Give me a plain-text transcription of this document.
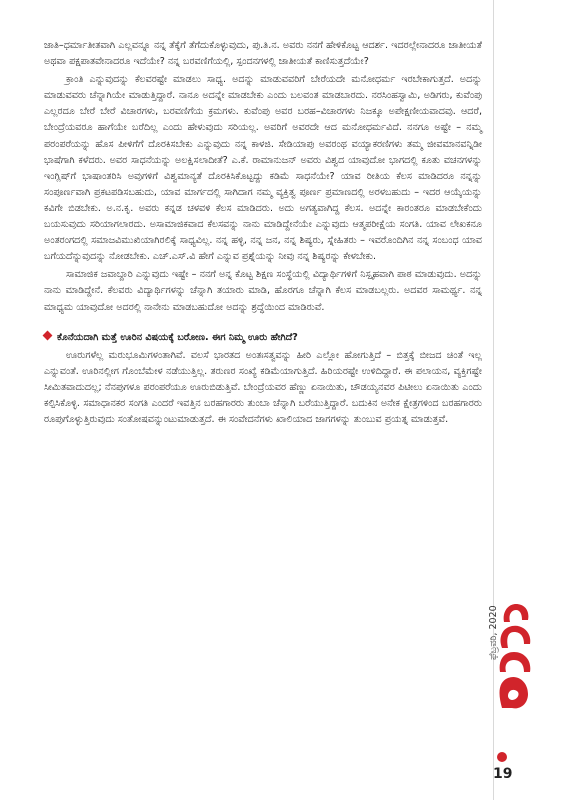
ಜಾತಿ–ಧರ್ಮಾತೀತವಾಗಿ ಎಲ್ಲವನ್ನೂ ನನ್ನ ತೆಕ್ಕೆಗೆ ತೆಗೆದುಕೊಳ್ಳುವುದು, ಪು.ತಿ.ನ. ಅವರು ನನಗೆ ಹೇಳಿಕೊಟ್ಟ ಆದರ್ಶ. ಇದರಲ್ಲೇನಾದರೂ ಜಾತೀಯತೆ ಅಥವಾ ಪಕ್ಷಪಾತವೇನಾದರೂ ಇದೆಯೇ? ನನ್ನ ಬರವಣಿಗೆಯಲ್ಲಿ, ಸ್ಪಂದನಗಳಲ್ಲಿ ಜಾತೀಯತೆ ಕಾಣಿಸುತ್ತದೆಯೇ?

ಕ್ರಾಂತಿ ಎನ್ನುವುದನ್ನು ಕೆಲವರಷ್ಟೇ ಮಾಡಲು ಸಾಧ್ಯ. ಅದನ್ನು ಮಾಡುವವರಿಗೆ ಬೇರೆಯದೇ ಮನೋಧರ್ಮ ಇರಬೇಕಾಗುತ್ತದೆ. ಅದನ್ನು ಮಾಡುವವರು ಚೆನ್ನಾಗಿಯೇ ಮಾಡುತ್ತಿದ್ದಾರೆ. ನಾನೂ ಅದನ್ನೇ ಮಾಡಬೇಕು ಎಂದು ಬಲವಂತ ಮಾಡಬಾರದು. ನರಸಿಂಹಸ್ವಾಮಿ, ಅಡಿಗರು, ಕುವೆಂಪು ಎಲ್ಲರದೂ ಬೇರೆ ಬೇರೆ ವಿಚಾರಗಳು, ಬರವಣಿಗೆಯ ಕ್ರಮಗಳು. ಕುವೆಂಪು ಅವರ ಬರಹ–ವಿಚಾರಗಳು ನಿಜಕ್ಕೂ ಅಪೇಕ್ಷಣೀಯವಾದವು. ಆದರೆ, ಬೇಂದ್ರೆಯವರೂ ಹಾಗೆಯೇ ಬರೆದಿಲ್ಲ ಎಂದು ಹೇಳುವುದು ಸರಿಯಲ್ಲ. ಅವರಿಗೆ ಅವರದೇ ಆದ ಮನೋಧರ್ಮವಿದೆ. ನನಗೂ ಅಷ್ಟೇ – ನಮ್ಮ ಪರಂಪರೆಯನ್ನು ಹೊಸ ಪೀಳಿಗೆಗೆ ದೊರಕಿಸಬೇಕು ಎನ್ನುವುದು ನನ್ನ ಕಾಳಜಿ. ಸೇಡಿಯಾಪು ಅವರಂಥ ವಯ್ಯಾಕರಣಿಗಳು ತಮ್ಮ ಜೀವಮಾನವನ್ನಿಡೀ ಭಾಷೆಗಾಗಿ ಕಳೆದರು. ಅವರ ಸಾಧನೆಯನ್ನು ಅಲಕ್ಷಿಸಲಾದೀತೆ? ಎ.ಕೆ. ರಾಮಾನುಜನ್ ಅವರು ವಿಶ್ವದ ಯಾವುದೋ ಭಾಗದಲ್ಲಿ ಕೂತು ವಚನಗಳನ್ನು ಇಂಗ್ಲಿಷ್‌ಗೆ ಭಾಷಾಂತರಿಸಿ ಅವುಗಳಿಗೆ ವಿಶ್ವಮಾನ್ಯತೆ ದೊರಕಿಸಿಕೊಟ್ಟದ್ದು ಕಡಿಮೆ ಸಾಧನೆಯೇ? ಯಾವ ರೀತಿಯ ಕೆಲಸ ಮಾಡಿದರೂ ನನ್ನನ್ನು ಸಂಪೂರ್ಣವಾಗಿ ಪ್ರಕಟಪಡಿಸಬಹುದು, ಯಾವ ಮಾರ್ಗದಲ್ಲಿ ಸಾಗಿದಾಗ ನಮ್ಮ ವ್ಯಕ್ತಿತ್ವ ಪೂರ್ಣ ಪ್ರಮಾಣದಲ್ಲಿ ಅರಳಬಹುದು – ಇದರ ಆಯ್ಕೆಯನ್ನು ಕವಿಗೇ ಬಿಡಬೇಕು. ಅ.ನ.ಕೃ. ಅವರು ಕನ್ನಡ ಚಳವಳಿ ಕೆಲಸ ಮಾಡಿದರು. ಅದು ಅಗತ್ಯವಾಗಿದ್ದ ಕೆಲಸ. ಅದನ್ನೇ ಕಾರಂತರೂ ಮಾಡಬೇಕೆಂದು ಬಯಸುವುದು ಸರಿಯಾಗಲಾರದು. ಅಸಾಮಾಜಿಕವಾದ ಕೆಲಸವನ್ನು ನಾನು ಮಾಡಿದ್ದೇನೆಯೇ ಎನ್ನುವುದು ಆತ್ಮಪರೀಕ್ಷೆಯ ಸಂಗತಿ. ಯಾವ ಲೇಖಕನೂ ಅಂತರಂಗದಲ್ಲಿ ಸಮಾಜವಿಮುಖಿಯಾಗಿರಲಿಕ್ಕೆ ಸಾಧ್ಯವಿಲ್ಲ. ನನ್ನ ಹಳ್ಳಿ, ನನ್ನ ಜನ, ನನ್ನ ಶಿಷ್ಯರು, ಸ್ನೇಹಿತರು – ಇವರೊಂದಿಗಿನ ನನ್ನ ಸಂಬಂಧ ಯಾವ ಬಗೆಯದೆನ್ನುವುದನ್ನು ನೋಡಬೇಕು. ಎಚ್.ಎಸ್.ವಿ ಹೇಗೆ ಎನ್ನುವ ಪ್ರಶ್ನೆಯನ್ನು ನೀವು ನನ್ನ ಶಿಷ್ಯರನ್ನು ಕೇಳಬೇಕು.

ಸಾಮಾಜಿಕ ಜವಾಬ್ದಾರಿ ಎನ್ನುವುದು ಇಷ್ಟೇ – ನನಗೆ ಅನ್ನ ಕೊಟ್ಟ ಶಿಕ್ಷಣ ಸಂಸ್ಥೆಯಲ್ಲಿ ವಿದ್ಯಾರ್ಥಿಗಳಿಗೆ ನಿಸ್ಪೃಹವಾಗಿ ಪಾಠ ಮಾಡುವುದು. ಅದನ್ನು ನಾನು ಮಾಡಿದ್ದೇನೆ. ಕೆಲವರು ವಿದ್ಯಾರ್ಥಿಗಳನ್ನು ಚೆನ್ನಾಗಿ ತಯಾರು ಮಾಡಿ, ಹೊರಗೂ ಚೆನ್ನಾಗಿ ಕೆಲಸ ಮಾಡಬಲ್ಲರು. ಅದವರ ಸಾಮರ್ಥ್ಯ. ನನ್ನ ಮಾಧ್ಯಮ ಯಾವುದೋ ಅದರಲ್ಲಿ ನಾನೇನು ಮಾಡಬಹುದೋ ಅದನ್ನು ಶ್ರದ್ಧೆಯಿಂದ ಮಾಡಿರುವೆ.

ಕೊನೆಯದಾಗಿ ಮತ್ತೆ ಊರಿನ ವಿಷಯಕ್ಕೆ ಬರೋಣ. ಈಗ ನಿಮ್ಮ ಊರು ಹೇಗಿದೆ?

ಊರುಗಳೆಲ್ಲ ಮರುಭೂಮಿಗಳಂತಾಗಿವೆ. ವಲಸೆ ಭಾರತದ ಅಂತಃಸತ್ವವನ್ನು ಹೀರಿ ಎಲ್ಲೋ ಹೋಗುತ್ತಿದೆ – ಬಿತ್ತಕ್ಕೆ ಬೀಜದ ಚಿಂತೆ ಇಲ್ಲ ಎನ್ನುವಂತೆ. ಊರಿನಲ್ಲೀಗ ಗೊಂಬೆಮೇಳ ನಡೆಯುತ್ತಿಲ್ಲ. ತರುಣರ ಸಂಖ್ಯೆ ಕಡಿಮೆಯಾಗುತ್ತಿದೆ. ಹಿರಿಯರಷ್ಟೇ ಉಳಿದಿದ್ದಾರೆ. ಈ ಪಲಾಯನ, ವ್ಯಕ್ತಿಗಷ್ಟೇ ಸೀಮಿತವಾದುದಲ್ಲ; ನೆನಪುಗಳೂ ಪರಂಪರೆಯೂ ಊರುಬಿಡುತ್ತಿವೆ. ಬೇಂದ್ರೆಯವರ ಹೆಣ್ಣು ಏನಾಯಿತು, ಚೌಡಯ್ಯನವರ ಪಿಟೀಲು ಏನಾಯಿತು ಎಂದು ಕಲ್ಪಿಸಿಕೊಳ್ಳಿ. ಸಮಾಧಾನಕರ ಸಂಗತಿ ಎಂದರೆ ಇವತ್ತಿನ ಬರಹಗಾರರು ತುಂಬಾ ಚೆನ್ನಾಗಿ ಬರೆಯುತ್ತಿದ್ದಾರೆ. ಬದುಕಿನ ಅನೇಕ ಕ್ಷೇತ್ರಗಳಿಂದ ಬರಹಗಾರರು ರೂಪುಗೊಳ್ಳುತ್ತಿರುವುದು ಸಂತೋಷವನ್ನುಂಟುಮಾಡುತ್ತದೆ. ಈ ಸಂವೇದನೆಗಳು ಖಾಲಿಯಾದ ಜಾಗಗಳನ್ನು ತುಂಬುವ ಪ್ರಯತ್ನ ಮಾಡುತ್ತವೆ.

ಫೆಬ್ರವರಿ, 2020
19
